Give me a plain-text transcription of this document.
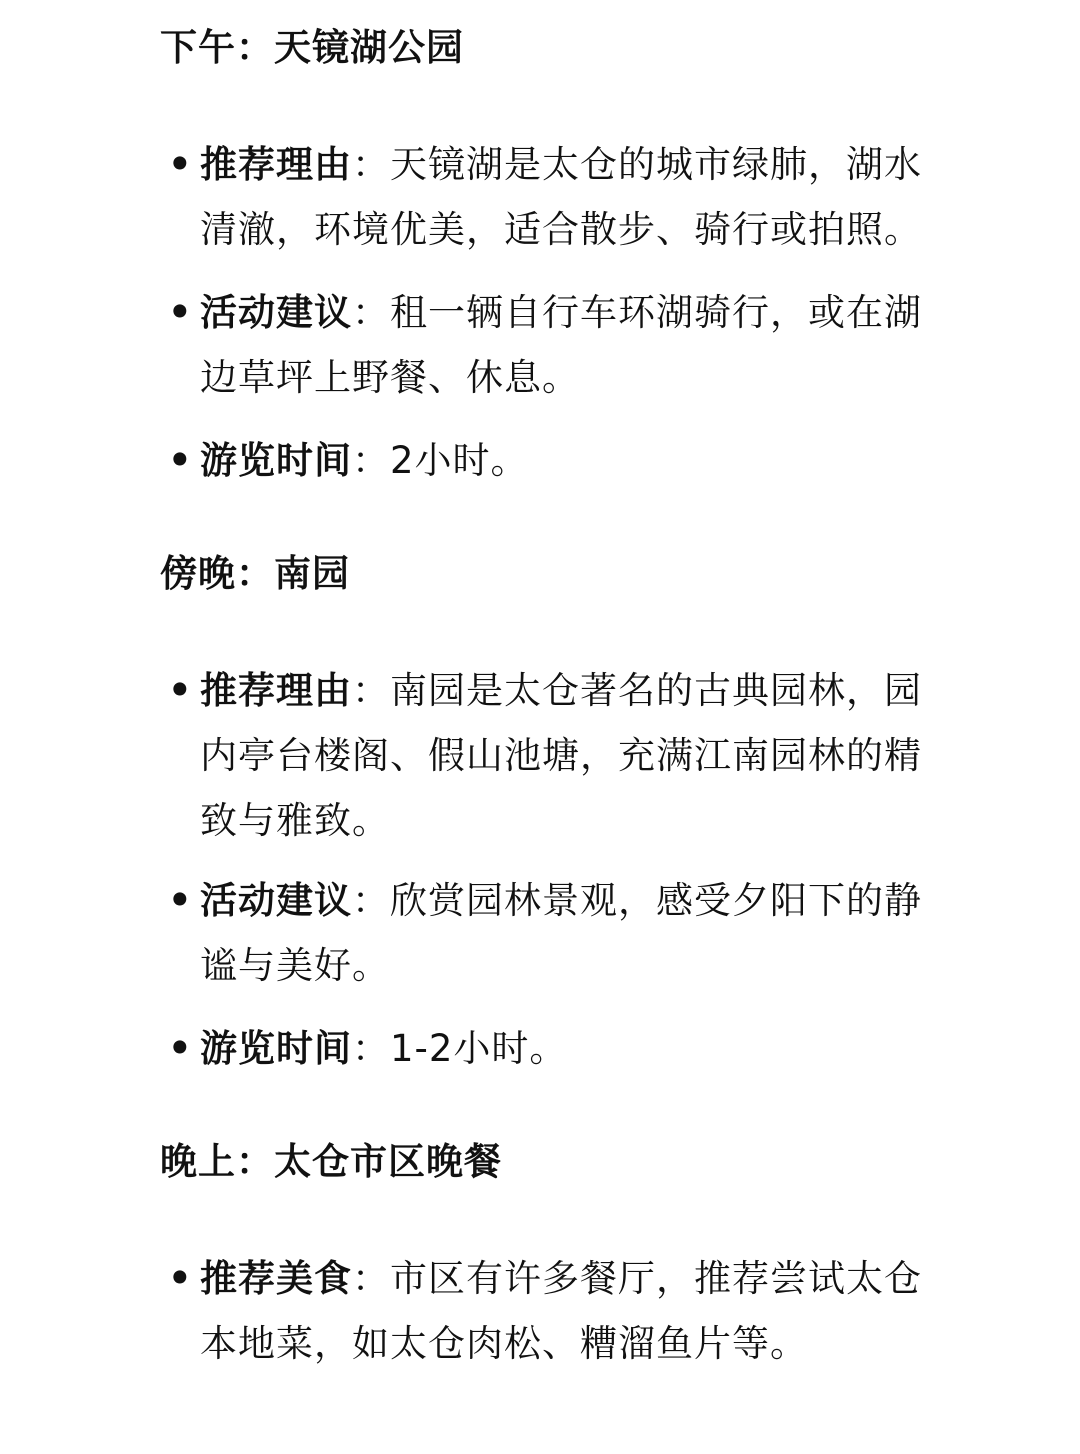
下午：天镜湖公园
• 推荐理由：天镜湖是太仓的城市绿肺，湖水
清澈，环境优美，适合散步、骑行或拍照。
• 活动建议：租一辆自行车环湖骑行，或在湖
边草坪上野餐、休息。
• 游览时间：2小时。
傍晚：南园
• 推荐理由：南园是太仓著名的古典园林，园
内亭台楼阁、假山池塘，充满江南园林的精
致与雅致。
• 活动建议：欣赏园林景观，感受夕阳下的静
谧与美好。
• 游览时间：1-2小时。
晚上：太仓市区晚餐
• 推荐美食：市区有许多餐厅，推荐尝试太仓
本地菜，如太仓肉松、糟溜鱼片等。
